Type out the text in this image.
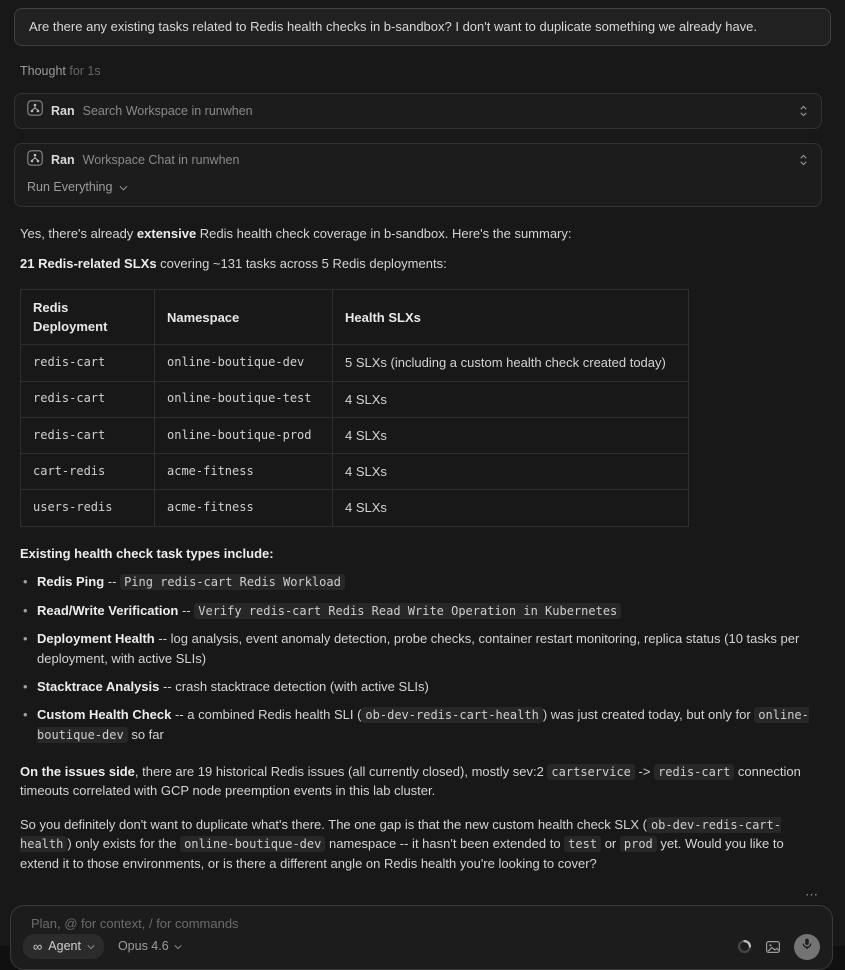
Are there any existing tasks related to Redis health checks in b-sandbox? I don't want to duplicate something we already have.
Thought for 1s
Ran Search Workspace in runwhen
Ran Workspace Chat in runwhen
Run Everything

Yes, there's already extensive Redis health check coverage in b-sandbox. Here's the summary:

21 Redis-related SLXs covering ~131 tasks across 5 Redis deployments:

Redis Deployment	Namespace	Health SLXs
redis-cart	online-boutique-dev	5 SLXs (including a custom health check created today)
redis-cart	online-boutique-test	4 SLXs
redis-cart	online-boutique-prod	4 SLXs
cart-redis	acme-fitness	4 SLXs
users-redis	acme-fitness	4 SLXs

Existing health check task types include:

• Redis Ping -- Ping redis-cart Redis Workload
• Read/Write Verification -- Verify redis-cart Redis Read Write Operation in Kubernetes
• Deployment Health -- log analysis, event anomaly detection, probe checks, container restart monitoring, replica status (10 tasks per deployment, with active SLIs)
• Stacktrace Analysis -- crash stacktrace detection (with active SLIs)
• Custom Health Check -- a combined Redis health SLI ( ob-dev-redis-cart-health ) was just created today, but only for online-boutique-dev so far

On the issues side, there are 19 historical Redis issues (all currently closed), mostly sev:2 cartservice -> redis-cart connection timeouts correlated with GCP node preemption events in this lab cluster.

So you definitely don't want to duplicate what's there. The one gap is that the new custom health check SLX ( ob-dev-redis-cart-health ) only exists for the online-boutique-dev namespace -- it hasn't been extended to test or prod yet. Would you like to extend it to those environments, or is there a different angle on Redis health you're looking to cover?

⋯
Plan, @ for context, / for commands
∞ Agent	Opus 4.6
